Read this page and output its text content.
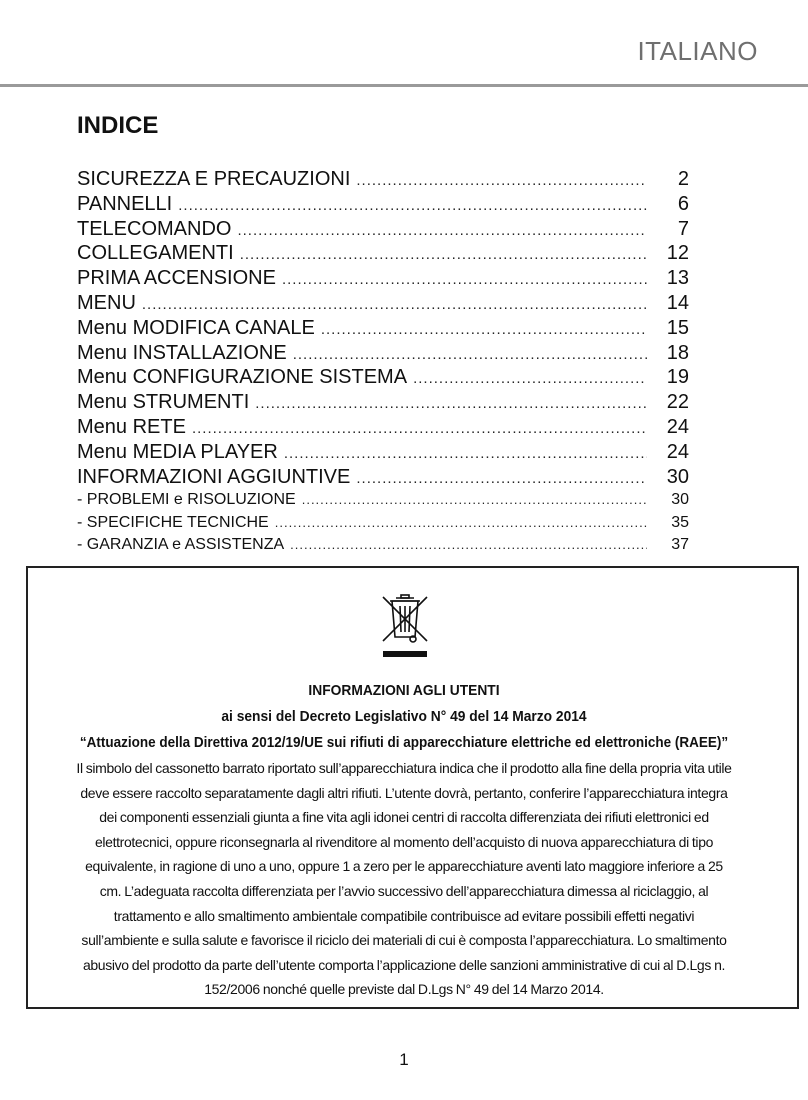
ITALIANO
INDICE
SICUREZZA E PRECAUZIONI .....	2
PANNELLI .....	6
TELECOMANDO .....	7
COLLEGAMENTI .....	12
PRIMA ACCENSIONE .....	13
MENU .....	14
Menu MODIFICA CANALE .....	15
Menu INSTALLAZIONE .....	18
Menu CONFIGURAZIONE SISTEMA .....	19
Menu STRUMENTI .....	22
Menu RETE .....	24
Menu MEDIA PLAYER .....	24
INFORMAZIONI AGGIUNTIVE .....	30
- PROBLEMI e RISOLUZIONE .....	30
- SPECIFICHE TECNICHE .....	35
- GARANZIA e ASSISTENZA .....	37

INFORMAZIONI AGLI UTENTI

ai sensi del Decreto Legislativo N° 49 del 14 Marzo 2014

“Attuazione della Direttiva 2012/19/UE sui rifiuti di apparecchiature elettriche ed elettroniche (RAEE)”

Il simbolo del cassonetto barrato riportato sull’apparecchiatura indica che il prodotto alla fine della propria vita utile
deve essere raccolto separatamente dagli altri rifiuti. L’utente dovrà, pertanto, conferire l’apparecchiatura integra
dei componenti essenziali giunta a fine vita agli idonei centri di raccolta differenziata dei rifiuti elettronici ed
elettrotecnici, oppure riconsegnarla al rivenditore al momento dell’acquisto di nuova apparecchiatura di tipo
equivalente, in ragione di uno a uno, oppure 1 a zero per le apparecchiature aventi lato maggiore inferiore a 25
cm. L’adeguata raccolta differenziata per l’avvio successivo dell’apparecchiatura dimessa al riciclaggio, al
trattamento e allo smaltimento ambientale compatibile contribuisce ad evitare possibili effetti negativi
sull’ambiente e sulla salute e favorisce il riciclo dei materiali di cui è composta l’apparecchiatura. Lo smaltimento
abusivo del prodotto da parte dell’utente comporta l’applicazione delle sanzioni amministrative di cui al D.Lgs n.
152/2006 nonché quelle previste dal D.Lgs N° 49 del 14 Marzo 2014.
1
